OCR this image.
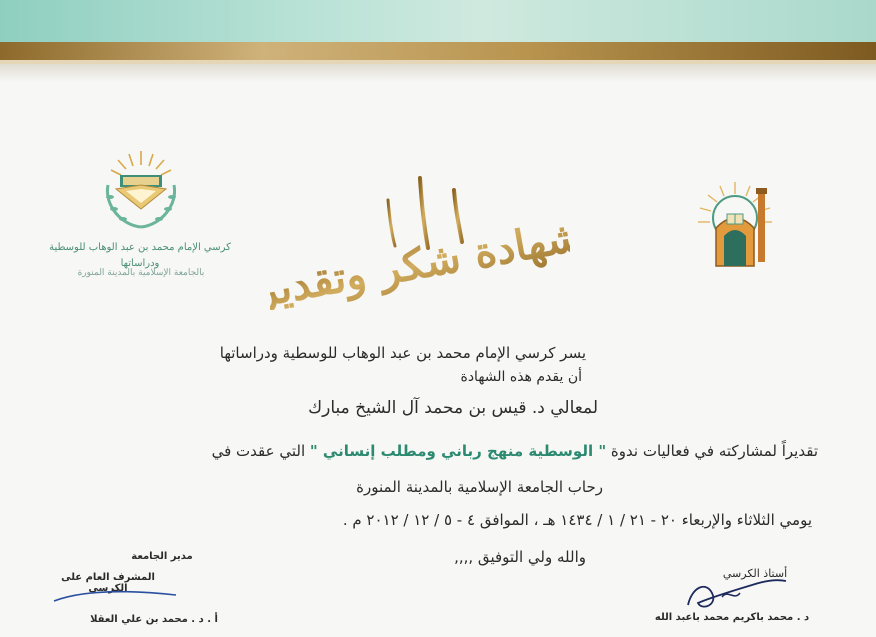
كرسي الإمام محمد بن عبد الوهاب للوسطية ودراساتها
بالجامعة الإسلامية بالمدينة المنورة	شهادة شكر وتقدير
يسر كرسي الإمام محمد بن عبد الوهاب للوسطية ودراساتها
أن يقدم هذه الشهادة
لمعالي د. قيس بن محمد آل الشيخ مبارك
تقديراً لمشاركته في فعاليات ندوة " الوسطية منهج رباني ومطلب إنساني " التي عقدت في
رحاب الجامعة الإسلامية بالمدينة المنورة
يومي الثلاثاء والإربعاء ٢٠ - ٢١ / ١ / ١٤٣٤ هـ ، الموافق ٤ - ٥ / ١٢ / ٢٠١٢ م .
والله ولي التوفيق ,,,,
مدير الجامعة
المشرف العام على الكرسي
أ . د . محمد بن علي العقلا
أستاذ الكرسي
د . محمد باكريم محمد باعبد الله
